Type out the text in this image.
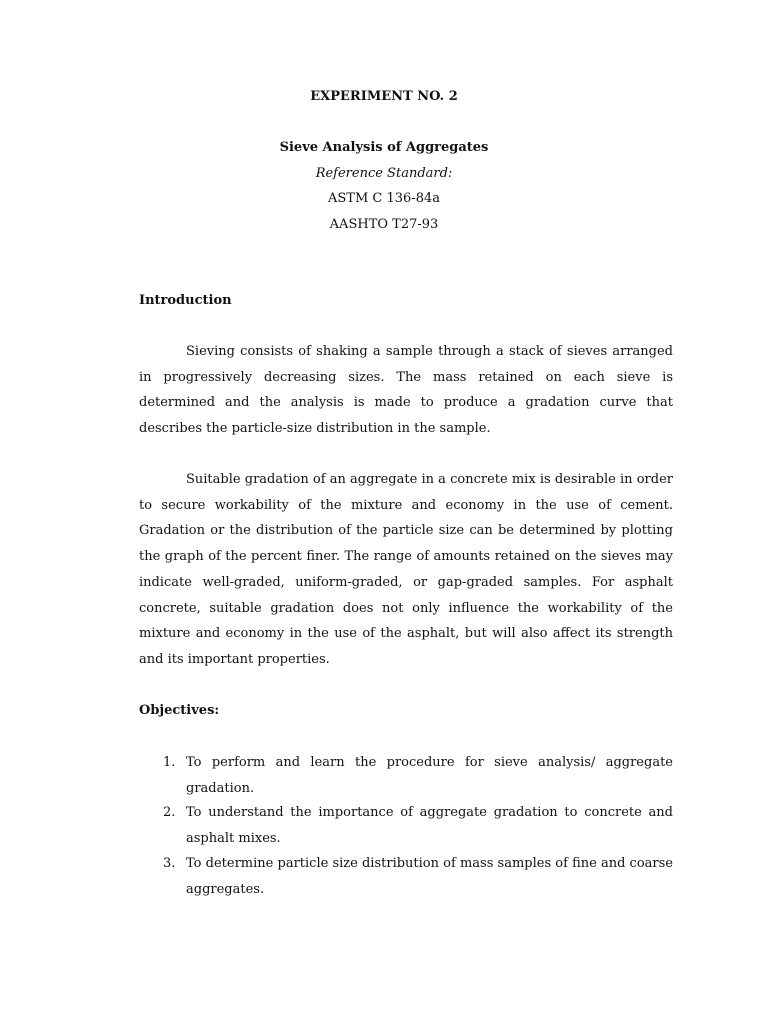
EXPERIMENT NO. 2
Sieve Analysis of Aggregates
Reference Standard:
ASTM C 136-84a
AASHTO T27-93
Introduction

Sieving consists of shaking a sample through a stack of sieves arranged in progressively decreasing sizes. The mass retained on each sieve is determined and the analysis is made to produce a gradation curve that describes the particle-size distribution in the sample.

Suitable gradation of an aggregate in a concrete mix is desirable in order to secure workability of the mixture and economy in the use of cement. Gradation or the distribution of the particle size can be determined by plotting the graph of the percent finer. The range of amounts retained on the sieves may indicate well-graded, uniform-graded, or gap-graded samples. For asphalt concrete, suitable gradation does not only influence the workability of the mixture and economy in the use of the asphalt, but will also affect its strength and its important properties.

Objectives:
1. To perform and learn the procedure for sieve analysis/ aggregate gradation.
2. To understand the importance of aggregate gradation to concrete and asphalt mixes.
3. To determine particle size distribution of mass samples of fine and coarse aggregates.
